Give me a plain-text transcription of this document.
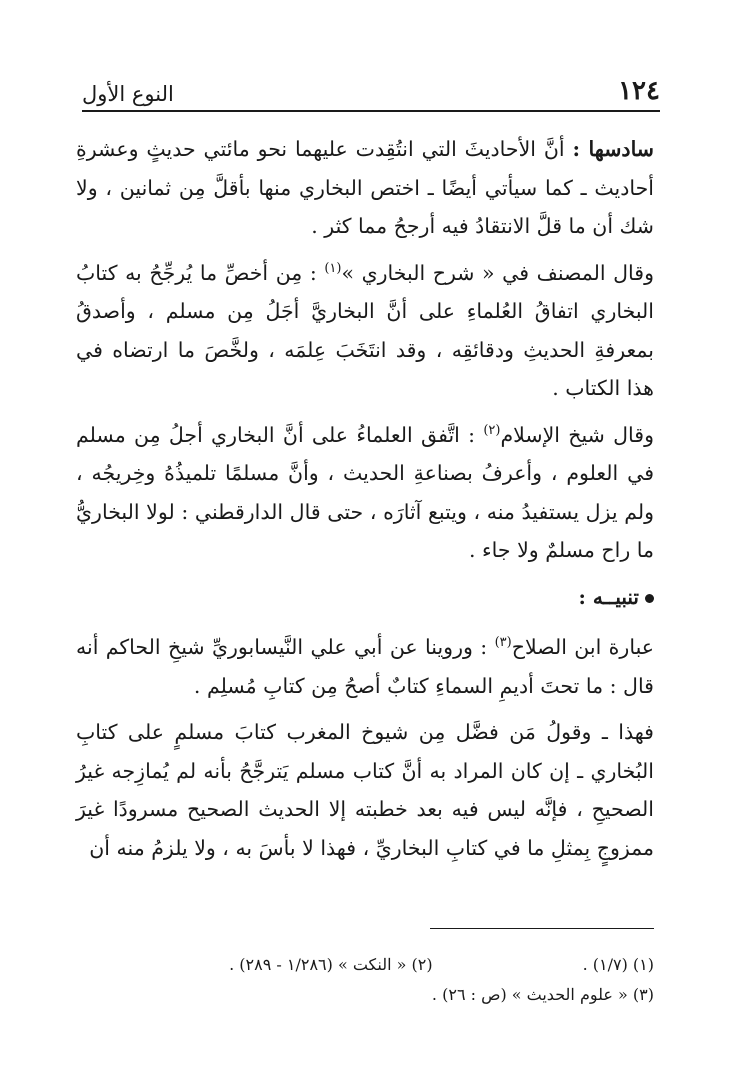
١٢٤
النوع الأول

سادسها : أنَّ الأحاديثَ التي انتُقِدت عليهما نحو مائتي حديثٍ وعشرةِ أحاديث ـ كما سيأتي أيضًا ـ اختص البخاري منها بأقلَّ مِن ثمانين ، ولا شك أن ما قلَّ الانتقادُ فيه أرجحُ مما كثر .

وقال المصنف في « شرح البخاري »$^{(١)}$ : مِن أخصِّ ما يُرجِّحُ به كتابُ البخاري اتفاقُ العُلماءِ على أنَّ البخاريَّ أجَلُ مِن مسلم ، وأصدقُ بمعرفةِ الحديثِ ودقائقِه ، وقد انتَخَبَ عِلمَه ، ولخَّصَ ما ارتضاه في هذا الكتاب .

وقال شيخ الإسلام$^{(٢)}$ : اتَّفق العلماءُ على أنَّ البخاري أجلُ مِن مسلم في العلوم ، وأعرفُ بصناعةِ الحديث ، وأنَّ مسلمًا تلميذُهُ وخِريجُه ، ولم يزل يستفيدُ منه ، ويتبع آثارَه ، حتى قال الدارقطني : لولا البخاريُّ ما راح مسلمٌ ولا جاء .

تنبيــه :

عبارة ابن الصلاح$^{(٣)}$ : وروينا عن أبي علي النَّيسابوريِّ شيخِ الحاكم أنه قال : ما تحتَ أديمِ السماءِ كتابٌ أصحُ مِن كتابِ مُسلِم .

فهذا ـ وقولُ مَن فضَّل مِن شيوخ المغرب كتابَ مسلمٍ على كتابِ البُخاري ـ إن كان المراد به أنَّ كتاب مسلم يَترجَّحُ بأنه لم يُمازِجه غيرُ الصحيحِ ، فإنَّه ليس فيه بعد خطبته إلا الحديث الصحيح مسرودًا غيرَ ممزوجٍ بِمثلِ ما في كتابِ البخاريِّ ، فهذا لا بأسَ به ، ولا يلزمُ منه أن

(١) (١/٧) .
(٢) « النكت » (١/٢٨٦ - ٢٨٩) .
(٣) « علوم الحديث » (ص : ٢٦) .
